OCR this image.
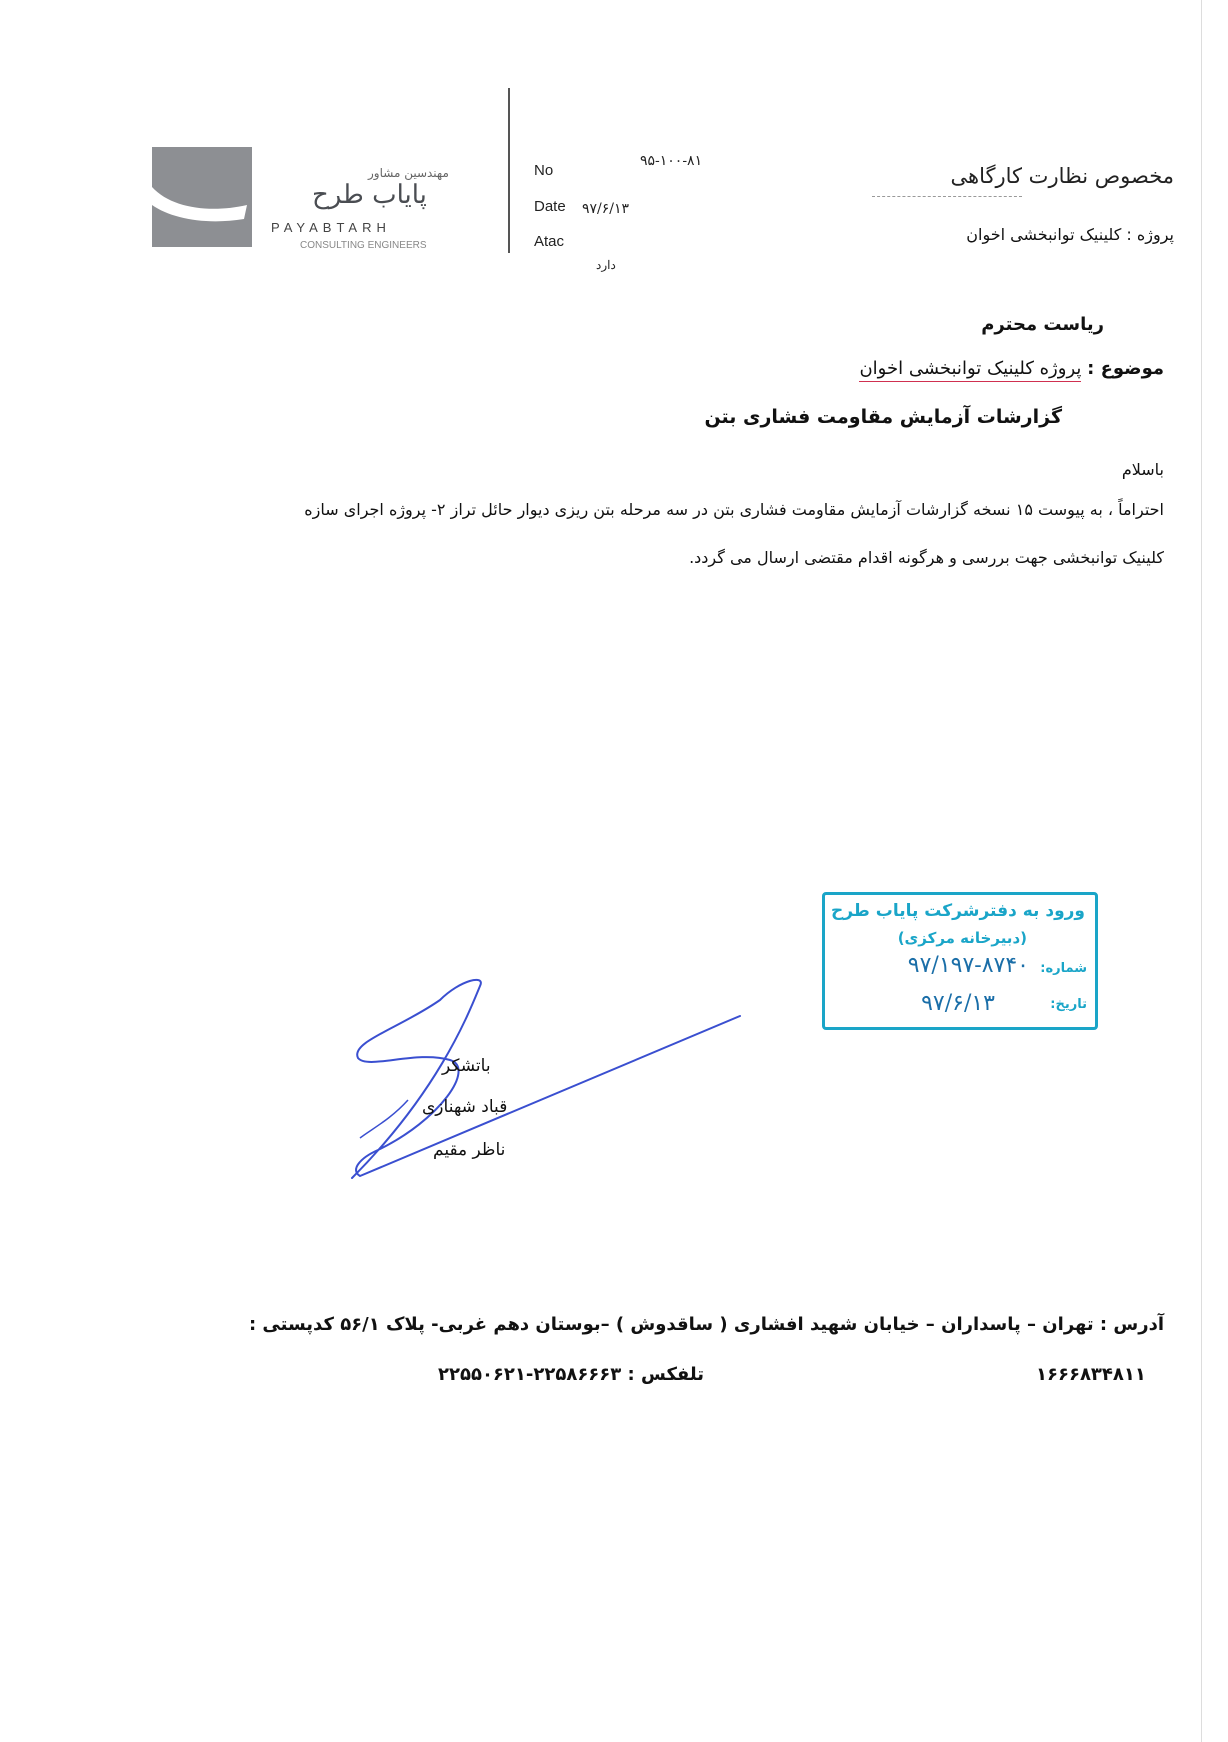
مهندسین مشاور
پایاب طرح
PAYABTARH
CONSULTING ENGINEERS
No
۹۵-۱۰۰-۸۱
Date ۹۷/۶/۱۳
Atac
دارد
مخصوص نظارت کارگاهی
پروژه : کلینیک توانبخشی اخوان
ریاست محترم
موضوع : پروژه کلینیک توانبخشی اخوان
گزارشات آزمایش مقاومت فشاری بتن
باسلام
احتراماً ، به پیوست ۱۵ نسخه گزارشات آزمایش مقاومت فشاری بتن در سه مرحله بتن ریزی دیوار حائل تراز ۲- پروژه اجرای سازه
کلینیک توانبخشی جهت بررسی و هرگونه اقدام مقتضی ارسال می گردد.
ورود به دفترشرکت پایاب طرح
(دبیرخانه مرکزی)
شماره:
۹۷/۱۹۷-۸۷۴۰
تاریخ:
۹۷/۶/۱۳
باتشکر
قباد شهنازی
ناظر مقیم
آدرس : تهران – پاسداران – خیابان شهید افشاری ( ساقدوش ) –بوستان دهم غربی- پلاک ۵۶/۱ کدپستی :
۱۶۶۶۸۳۴۸۱۱
تلفکس : ۲۲۵۸۶۶۶۳-۲۲۵۵۰۶۲۱
